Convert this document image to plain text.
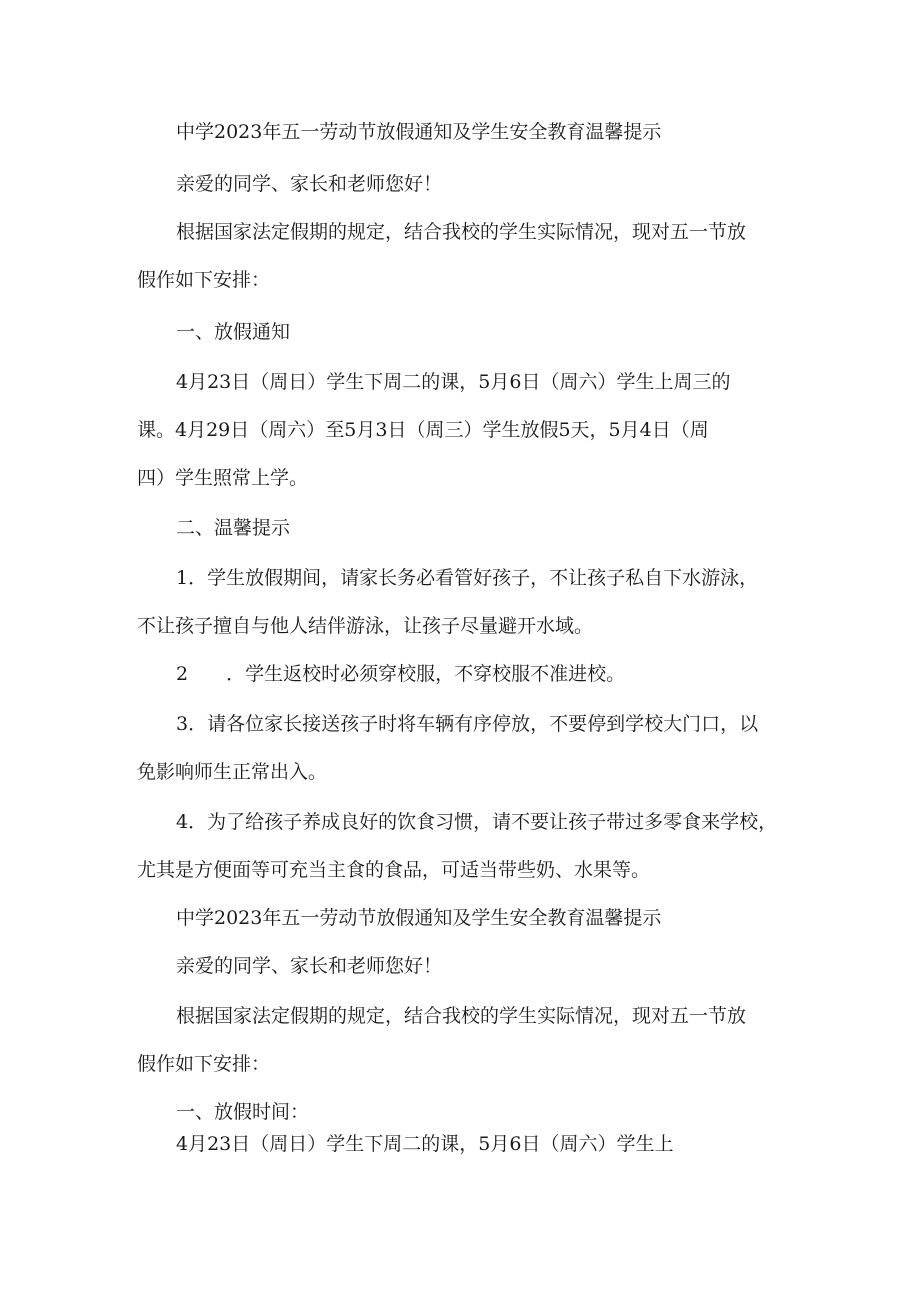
中学2023年五一劳动节放假通知及学生安全教育温馨提示

亲爱的同学、家长和老师您好！

根据国家法定假期的规定，结合我校的学生实际情况，现对五一节放

假作如下安排：

一、放假通知

4月23日（周日）学生下周二的课，5月6日（周六）学生上周三的

课。4月29日（周六）至5月3日（周三）学生放假5天，5月4日（周

四）学生照常上学。

二、温馨提示

1．学生放假期间，请家长务必看管好孩子，不让孩子私自下水游泳，

不让孩子擅自与他人结伴游泳，让孩子尽量避开水域。

2　　．学生返校时必须穿校服，不穿校服不准进校。

3．请各位家长接送孩子时将车辆有序停放，不要停到学校大门口，以

免影响师生正常出入。

4．为了给孩子养成良好的饮食习惯，请不要让孩子带过多零食来学校，

尤其是方便面等可充当主食的食品，可适当带些奶、水果等。

中学2023年五一劳动节放假通知及学生安全教育温馨提示

亲爱的同学、家长和老师您好！

根据国家法定假期的规定，结合我校的学生实际情况，现对五一节放

假作如下安排：

一、放假时间：

4月23日（周日）学生下周二的课，5月6日（周六）学生上
